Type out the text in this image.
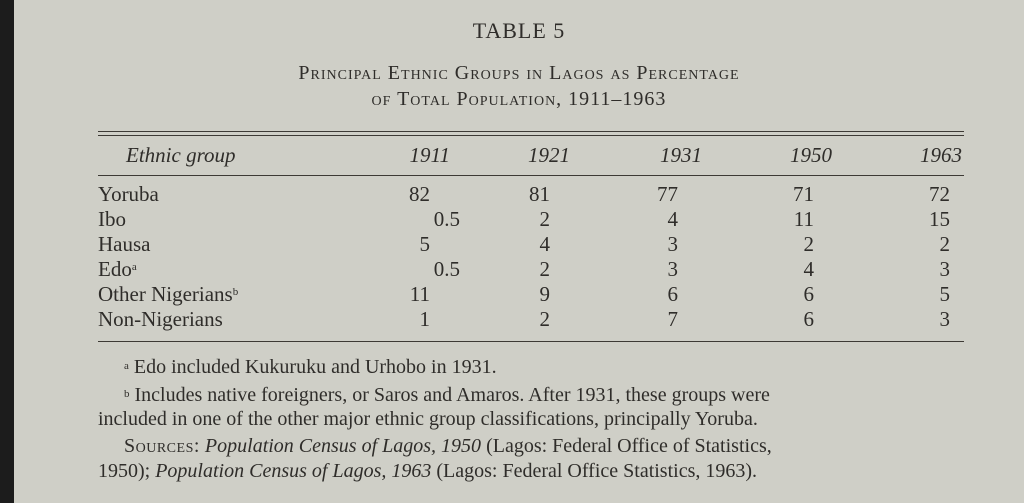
TABLE 5
Principal Ethnic Groups in Lagos as Percentage
of Total Population, 1911–1963
Ethnic group	1911	1921	1931	1950	1963
Yoruba	82	81	77	71	72
Ibo	0.5	2	4	11	15
Hausa	5	4	3	2	2
Edo$^a$	0.5	2	3	4	3
Other Nigerians$^b$	11	9	6	6	5
Non-Nigerians	1	2	7	6	3
$^a$ Edo included Kukuruku and Urhobo in 1931.
$^b$ Includes native foreigners, or Saros and Amaros. After 1931, these groups were
included in one of the other major ethnic group classifications, principally Yoruba.
Sources: Population Census of Lagos, 1950 (Lagos: Federal Office of Statistics,
1950); Population Census of Lagos, 1963 (Lagos: Federal Office Statistics, 1963).
